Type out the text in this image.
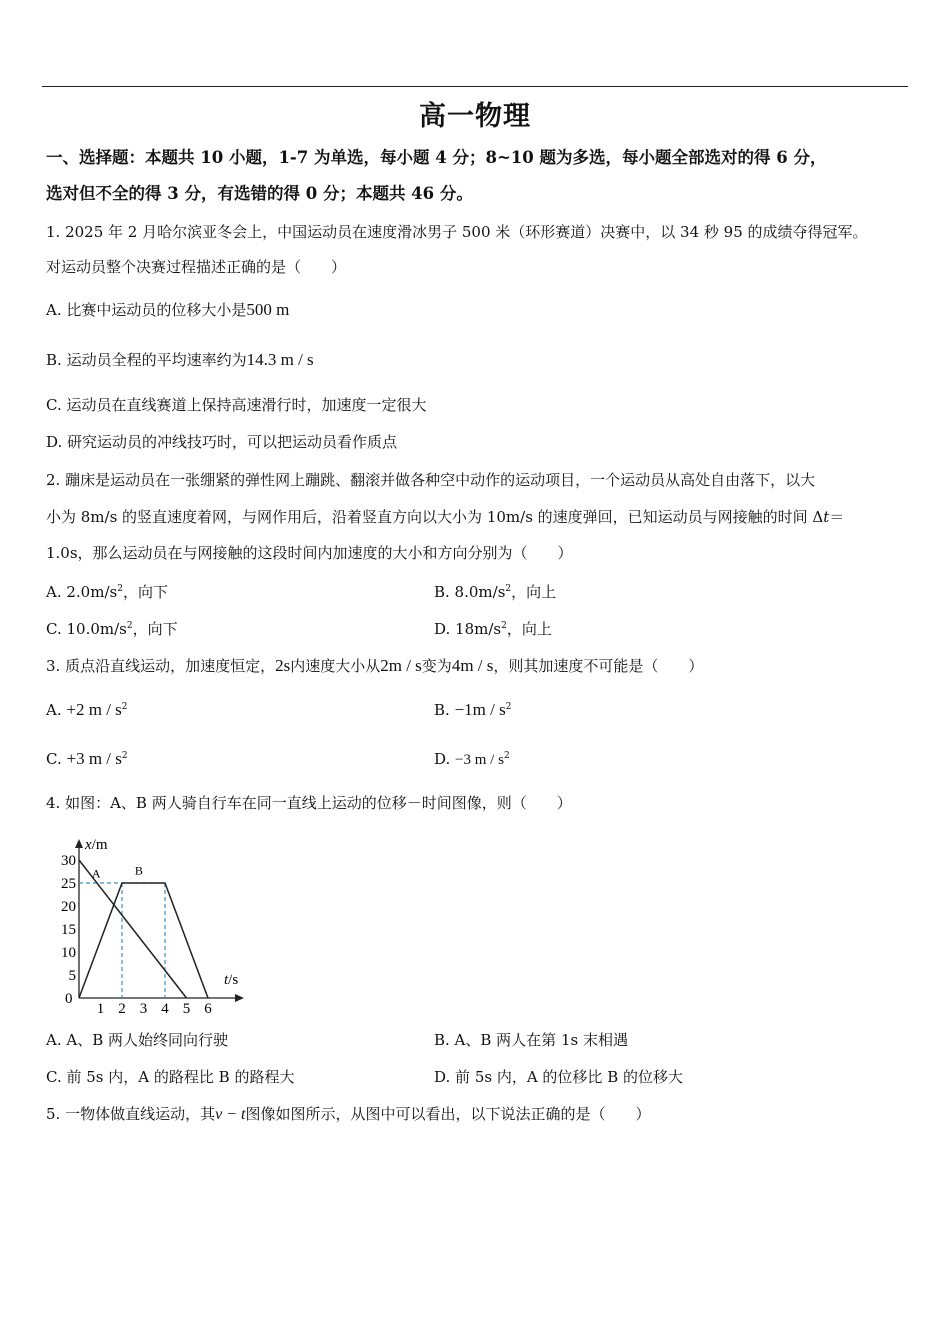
高一物理
一、选择题：本题共 10 小题，1-7 为单选，每小题 4 分；8~10 题为多选，每小题全部选对的得 6 分，
选对但不全的得 3 分，有选错的得 0 分；本题共 46 分。
1. 2025 年 2 月哈尔滨亚冬会上，中国运动员在速度滑冰男子 500 米（环形赛道）决赛中，以 34 秒 95 的成绩夺得冠军。
对运动员整个决赛过程描述正确的是（　　）
A. 比赛中运动员的位移大小是500 m
B. 运动员全程的平均速率约为14.3 m / s
C. 运动员在直线赛道上保持高速滑行时，加速度一定很大
D. 研究运动员的冲线技巧时，可以把运动员看作质点
2. 蹦床是运动员在一张绷紧的弹性网上蹦跳、翻滚并做各种空中动作的运动项目，一个运动员从高处自由落下，以大
小为 8m/s 的竖直速度着网，与网作用后，沿着竖直方向以大小为 10m/s 的速度弹回，已知运动员与网接触的时间 Δt＝
1.0s，那么运动员在与网接触的这段时间内加速度的大小和方向分别为（　　）
A. $2.0m/s^2$，向下	B. $8.0m/s^2$，向上
C. $10.0m/s^2$，向下	D. $18m/s^2$，向上
3. 质点沿直线运动，加速度恒定，2s内速度大小从2m / s变为4m / s，则其加速度不可能是（　　）
A. +2 m / $s^2$	B. $-1m / s^2$
C. +3 m / $s^2$	D. −3 m / $s^2$
4. 如图：A、B 两人骑自行车在同一直线上运动的位移－时间图像，则（　　）
x/m
t/s
0
1 2 3 4 5 6
5
10
15
20
25
30
A	B
A. A、B 两人始终同向行驶	B. A、B 两人在第 1s 末相遇
C. 前 5s 内，A 的路程比 B 的路程大	D. 前 5s 内，A 的位移比 B 的位移大
5. 一物体做直线运动，其v − t图像如图所示，从图中可以看出，以下说法正确的是（　　）
